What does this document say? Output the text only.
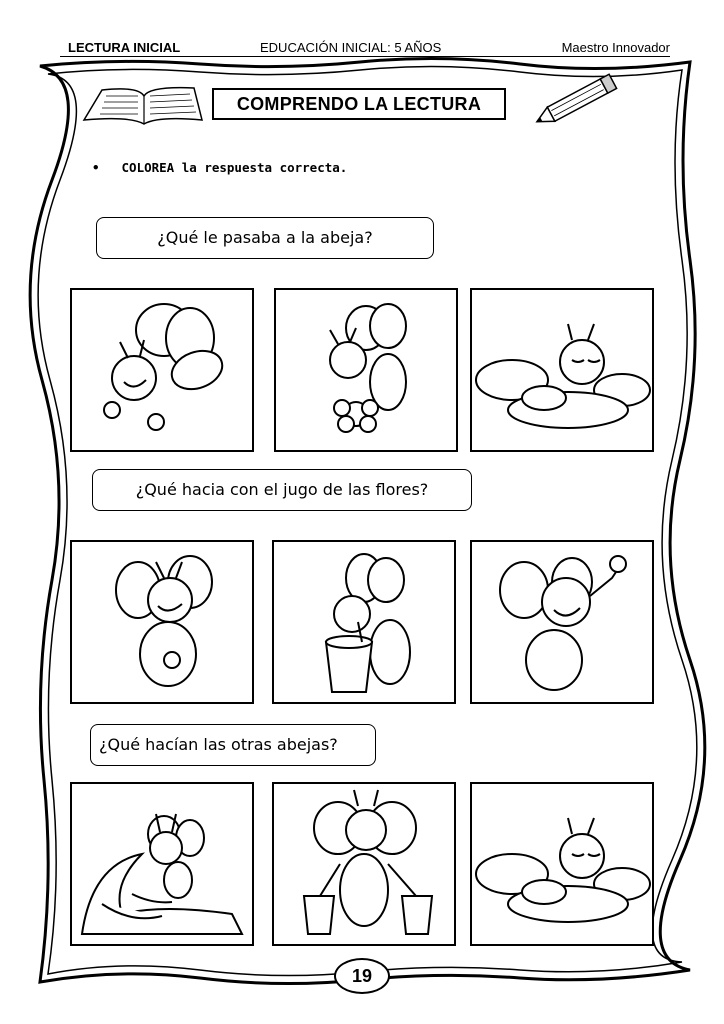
LECTURA INICIAL	EDUCACIÓN INICIAL: 5 AÑOS	Maestro Innovador
COMPRENDO LA LECTURA
• COLOREA la respuesta correcta.
¿Qué le pasaba a la abeja?
¿Qué hacia con el jugo de las flores?
¿Qué hacían las otras abejas?
19
